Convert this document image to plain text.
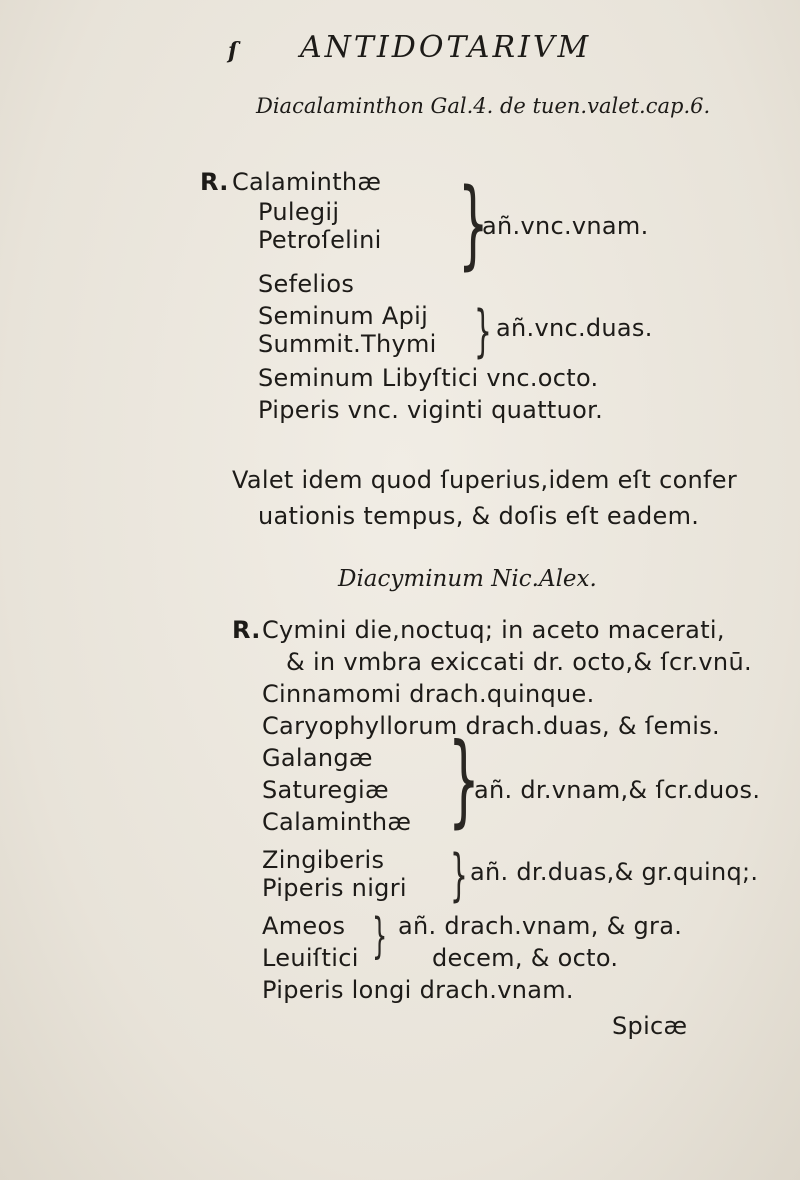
ſ ANTIDOTARIVM
Diacalaminthon Gal.4. de tuen.valet.cap.6.
R. Calaminthæ
Pulegij
Petroſelini
Sefelios
}
añ.vnc.vnam.
Seminum Apij
Summit.Thymi } añ.vnc.duas.
Seminum Libyſtici vnc.octo.
Piperis vnc. viginti quattuor.
Valet idem quod ſuperius,idem eſt confer
uationis tempus, & doſis eſt eadem.
Diacyminum Nic.Alex.
R. Cymini die,noctuq; in aceto macerati,
& in vmbra exiccati dr. octo,& ſcr.vnū.
Cinnamomi drach.quinque.
Caryophyllorum drach.duas, & ſemis.
Galangæ
Saturegiæ
Calaminthæ }
añ. dr.vnam,& ſcr.duos.
Zingiberis
Piperis nigri } añ. dr.duas,& gr.quinq;.
Ameos
Leuiſtici } añ. drach.vnam, & gra.
decem, & octo.
Piperis longi drach.vnam.
Spicæ
